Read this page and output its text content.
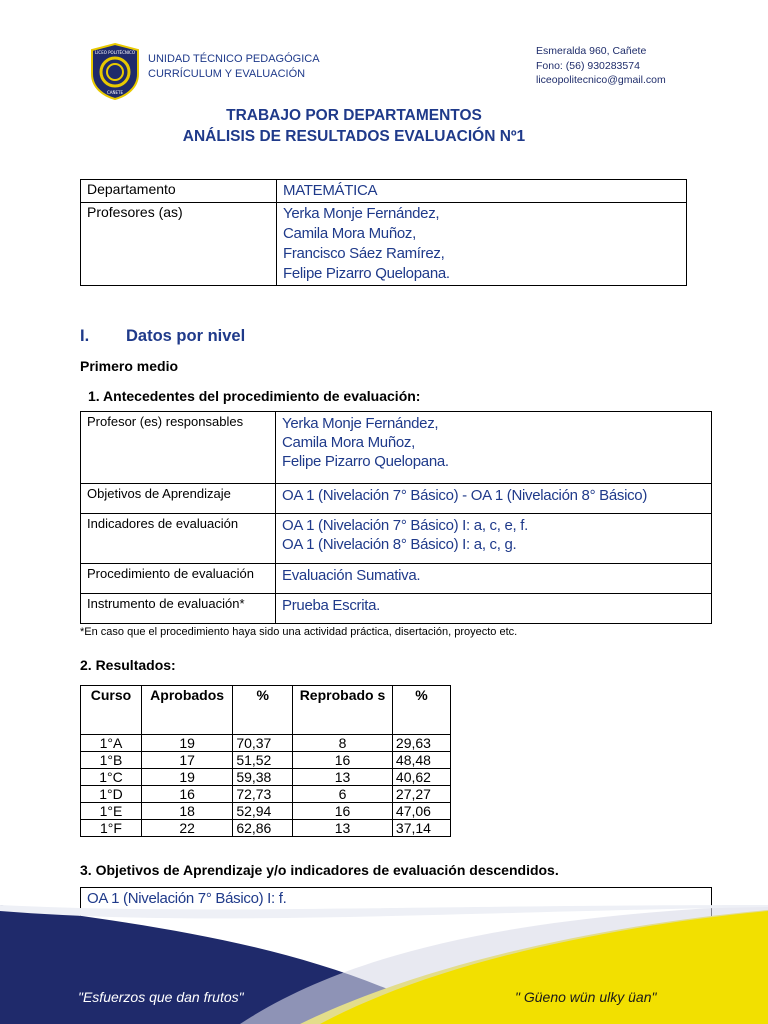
LICEO POLITÉCNICO
CAÑETE
UNIDAD TÉCNICO PEDAGÓGICA
CURRÍCULUM Y EVALUACIÓN
Esmeralda 960, Cañete
Fono: (56) 930283574
liceopolitecnico@gmail.com
TRABAJO POR DEPARTAMENTOS
ANÁLISIS DE RESULTADOS EVALUACIÓN Nº1
Departamento	MATEMÁTICA
Profesores (as)	Yerka Monje Fernández,
Camila Mora Muñoz,
Francisco Sáez Ramírez,
Felipe Pizarro Quelopana.
I. Datos por nivel
Primero medio
1. Antecedentes del procedimiento de evaluación:
Profesor (es) responsables	Yerka Monje Fernández,
Camila Mora Muñoz,
Felipe Pizarro Quelopana.

Objetivos de Aprendizaje	OA 1 (Nivelación 7° Básico) - OA 1 (Nivelación 8° Básico)
Indicadores de evaluación	OA 1 (Nivelación 7° Básico) I: a, c, e, f.
OA 1 (Nivelación 8° Básico) I: a, c, g.

Procedimiento de evaluación	Evaluación Sumativa.
Instrumento de evaluación*	Prueba Escrita.
*En caso que el procedimiento haya sido una actividad práctica, disertación, proyecto etc.
2. Resultados:
Curso	Aprobados	%	Reprobado s	%
1°A	19	70,37	8	29,63
1°B	17	51,52	16	48,48
1°C	19	59,38	13	40,62
1°D	16	72,73	6	27,27
1°E	18	52,94	16	47,06
1°F	22	62,86	13	37,14
3. Objetivos de Aprendizaje y/o indicadores de evaluación descendidos.
OA 1 (Nivelación 7° Básico) I: f.
"Esfuerzos que dan frutos"	" Güeno wün ulky üan"
